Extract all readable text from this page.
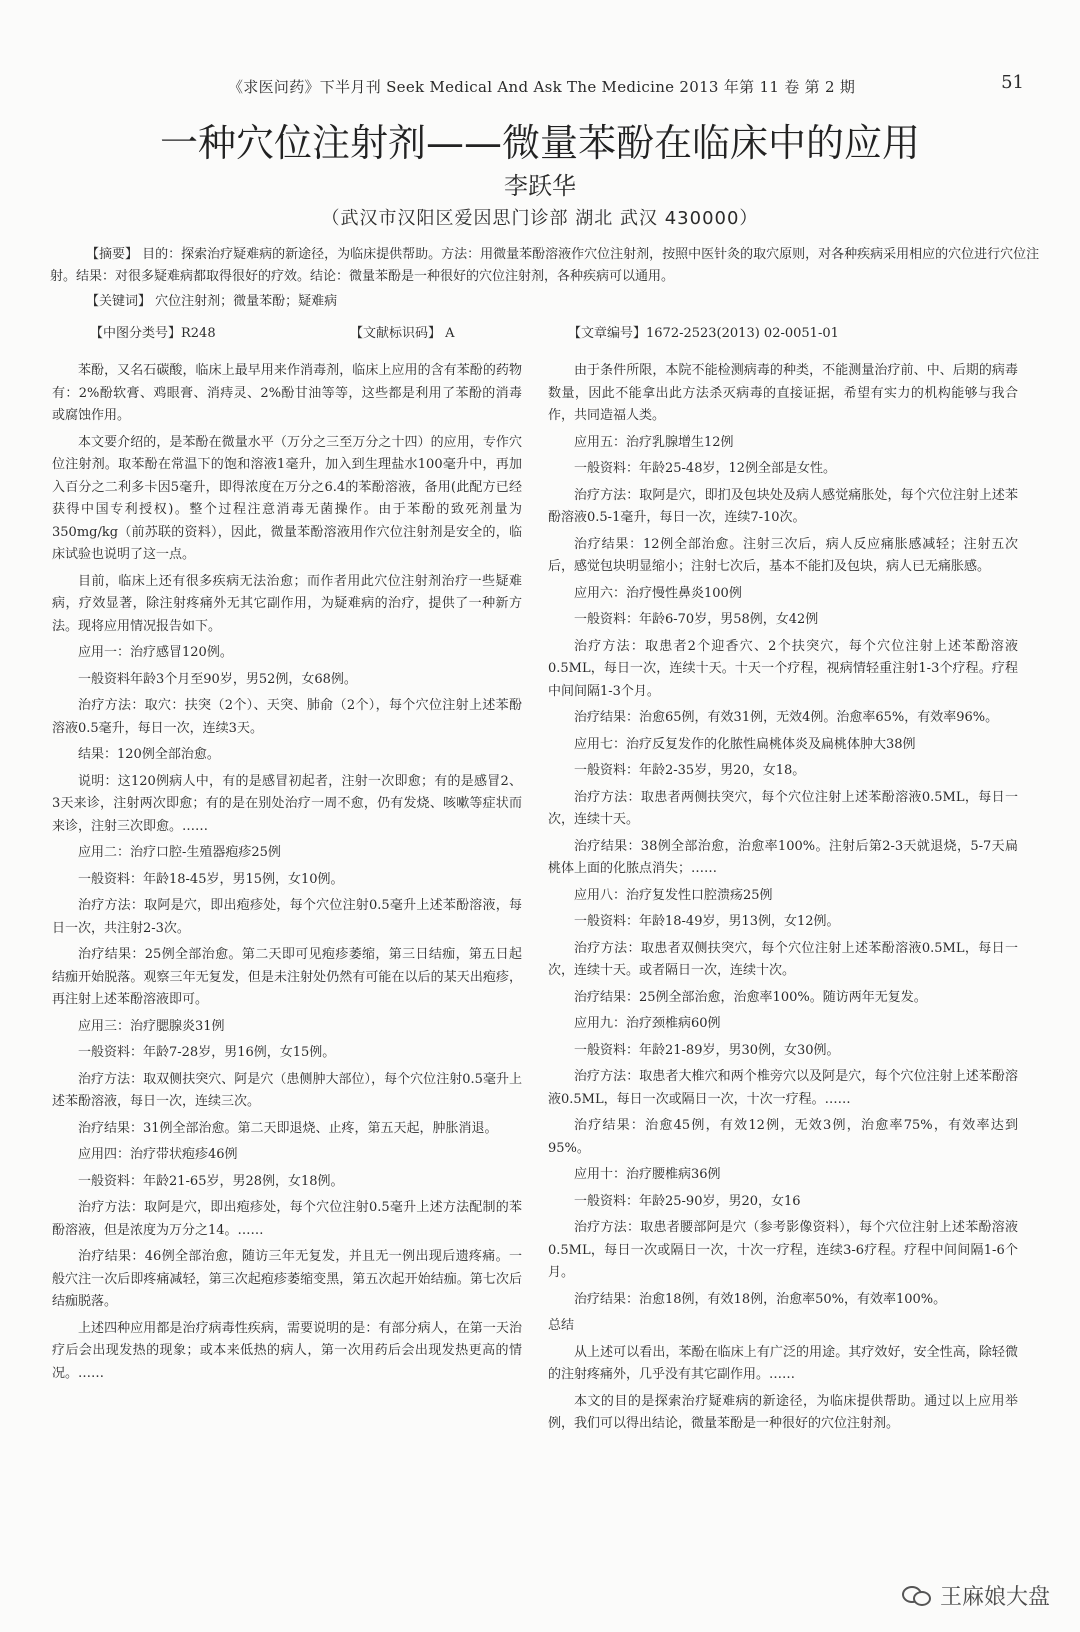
《求医问药》下半月刊 Seek Medical And Ask The Medicine 2013 年第 11 卷 第 2 期	51
一种穴位注射剂——微量苯酚在临床中的应用
李跃华
（武汉市汉阳区爱因思门诊部 湖北 武汉 430000）
【摘要】 目的：探索治疗疑难病的新途径，为临床提供帮助。方法：用微量苯酚溶液作穴位注射剂，按照中医针灸的取穴原则，对各种疾病采用相应的穴位进行穴位注射。结果：对很多疑难病都取得很好的疗效。结论：微量苯酚是一种很好的穴位注射剂，各种疾病可以通用。
【关键词】 穴位注射剂；微量苯酚；疑难病
【中图分类号】R248	【文献标识码】 A	【文章编号】1672-2523(2013) 02-0051-01

苯酚，又名石碳酸，临床上最早用来作消毒剂，临床上应用的含有苯酚的药物有：2%酚软膏、鸡眼膏、消痔灵、2%酚甘油等等，这些都是利用了苯酚的消毒或腐蚀作用。

本文要介绍的，是苯酚在微量水平（万分之三至万分之十四）的应用，专作穴位注射剂。取苯酚在常温下的饱和溶液1毫升，加入到生理盐水100毫升中，再加入百分之二利多卡因5毫升，即得浓度在万分之6.4的苯酚溶液，备用(此配方已经获得中国专利授权)。整个过程注意消毒无菌操作。由于苯酚的致死剂量为350mg/kg（前苏联的资料），因此，微量苯酚溶液用作穴位注射剂是安全的，临床试验也说明了这一点。

目前，临床上还有很多疾病无法治愈；而作者用此穴位注射剂治疗一些疑难病，疗效显著，除注射疼痛外无其它副作用，为疑难病的治疗，提供了一种新方法。现将应用情况报告如下。

应用一：治疗感冒120例。

一般资料年龄3个月至90岁，男52例，女68例。

治疗方法：取穴：扶突（2个）、天突、肺俞（2个），每个穴位注射上述苯酚溶液0.5毫升，每日一次，连续3天。

结果：120例全部治愈。

说明：这120例病人中，有的是感冒初起者，注射一次即愈；有的是感冒2、3天来诊，注射两次即愈；有的是在别处治疗一周不愈，仍有发烧、咳嗽等症状而来诊，注射三次即愈。……

应用二：治疗口腔-生殖器疱疹25例

一般资料：年龄18-45岁，男15例，女10例。

治疗方法：取阿是穴，即出疱疹处，每个穴位注射0.5毫升上述苯酚溶液，每日一次，共注射2-3次。

治疗结果：25例全部治愈。第二天即可见疱疹萎缩，第三日结痂，第五日起结痂开始脱落。观察三年无复发，但是未注射处仍然有可能在以后的某天出疱疹，再注射上述苯酚溶液即可。

应用三：治疗腮腺炎31例

一般资料：年龄7-28岁，男16例，女15例。

治疗方法：取双侧扶突穴、阿是穴（患侧肿大部位），每个穴位注射0.5毫升上述苯酚溶液，每日一次，连续三次。

治疗结果：31例全部治愈。第二天即退烧、止疼，第五天起，肿胀消退。

应用四：治疗带状疱疹46例

一般资料：年龄21-65岁，男28例，女18例。

治疗方法：取阿是穴，即出疱疹处，每个穴位注射0.5毫升上述方法配制的苯酚溶液，但是浓度为万分之14。……

治疗结果：46例全部治愈，随访三年无复发，并且无一例出现后遗疼痛。一般穴注一次后即疼痛减轻，第三次起疱疹萎缩变黑，第五次起开始结痂。第七次后结痂脱落。

上述四种应用都是治疗病毒性疾病，需要说明的是：有部分病人，在第一天治疗后会出现发热的现象；或本来低热的病人，第一次用药后会出现发热更高的情况。……

由于条件所限，本院不能检测病毒的种类，不能测量治疗前、中、后期的病毒数量，因此不能拿出此方法杀灭病毒的直接证据，希望有实力的机构能够与我合作，共同造福人类。

应用五：治疗乳腺增生12例

一般资料：年龄25-48岁，12例全部是女性。

治疗方法：取阿是穴，即扪及包块处及病人感觉痛胀处，每个穴位注射上述苯酚溶液0.5-1毫升，每日一次，连续7-10次。

治疗结果：12例全部治愈。注射三次后，病人反应痛胀感减轻；注射五次后，感觉包块明显缩小；注射七次后，基本不能扪及包块，病人已无痛胀感。

应用六：治疗慢性鼻炎100例

一般资料：年龄6-70岁，男58例，女42例

治疗方法：取患者2个迎香穴、2个扶突穴，每个穴位注射上述苯酚溶液0.5ML，每日一次，连续十天。十天一个疗程，视病情轻重注射1-3个疗程。疗程中间间隔1-3个月。

治疗结果：治愈65例，有效31例，无效4例。治愈率65%，有效率96%。

应用七：治疗反复发作的化脓性扁桃体炎及扁桃体肿大38例

一般资料：年龄2-35岁，男20，女18。

治疗方法：取患者两侧扶突穴，每个穴位注射上述苯酚溶液0.5ML，每日一次，连续十天。

治疗结果：38例全部治愈，治愈率100%。注射后第2-3天就退烧，5-7天扁桃体上面的化脓点消失；……

应用八：治疗复发性口腔溃疡25例

一般资料：年龄18-49岁，男13例，女12例。

治疗方法：取患者双侧扶突穴，每个穴位注射上述苯酚溶液0.5ML，每日一次，连续十天。或者隔日一次，连续十次。

治疗结果：25例全部治愈，治愈率100%。随访两年无复发。

应用九：治疗颈椎病60例

一般资料：年龄21-89岁，男30例，女30例。

治疗方法：取患者大椎穴和两个椎旁穴以及阿是穴，每个穴位注射上述苯酚溶液0.5ML，每日一次或隔日一次，十次一疗程。……

治疗结果：治愈45例，有效12例，无效3例，治愈率75%，有效率达到95%。

应用十：治疗腰椎病36例

一般资料：年龄25-90岁，男20，女16

治疗方法：取患者腰部阿是穴（参考影像资料），每个穴位注射上述苯酚溶液0.5ML，每日一次或隔日一次，十次一疗程，连续3-6疗程。疗程中间间隔1-6个月。

治疗结果：治愈18例，有效18例，治愈率50%，有效率100%。

总结

从上述可以看出，苯酚在临床上有广泛的用途。其疗效好，安全性高，除轻微的注射疼痛外，几乎没有其它副作用。……

本文的目的是探索治疗疑难病的新途径，为临床提供帮助。通过以上应用举例，我们可以得出结论，微量苯酚是一种很好的穴位注射剂。

王麻娘大盘
